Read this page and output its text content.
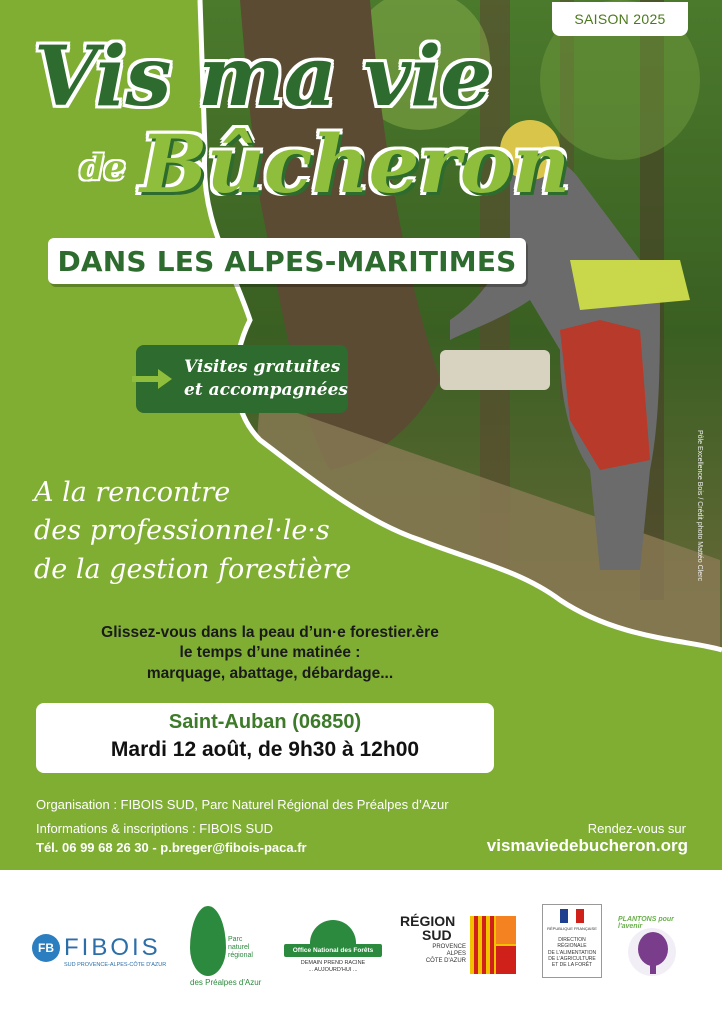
SAISON 2025
Vis ma vie
de Bûcheron
DANS LES ALPES-MARITIMES
Visites gratuites
et accompagnées
A la rencontre
des professionnel·le·s
de la gestion forestière	Pôle Excellence Bois / Crédit photo Mattéo Clerc
Glissez-vous dans la peau d’un·e forestier.ère
le temps d’une matinée :
marquage, abattage, débardage...
Saint-Auban (06850)
Mardi 12 août, de 9h30 à 12h00
Organisation : FIBOIS SUD, Parc Naturel Régional des Préalpes d’Azur
Informations & inscriptions : FIBOIS SUD
Tél. 06 99 68 26 30 - p.breger@fibois-paca.fr
Rendez-vous sur
vismaviedebucheron.org
FB FIBOIS
SUD PROVENCE-ALPES-CÔTE D'AZUR
Parc
naturel
régional
des Préalpes d'Azur
Office National des Forêts
DEMAIN PREND RACINE
... AUJOURD'HUI ...
RÉGION
SUD
PROVENCE
ALPES
CÔTE D'AZUR
RÉPUBLIQUE FRANÇAISE
DIRECTION
RÉGIONALE
DE L'ALIMENTATION
DE L'AGRICULTURE
ET DE LA FORÊT
PLANTONS pour l'avenir
